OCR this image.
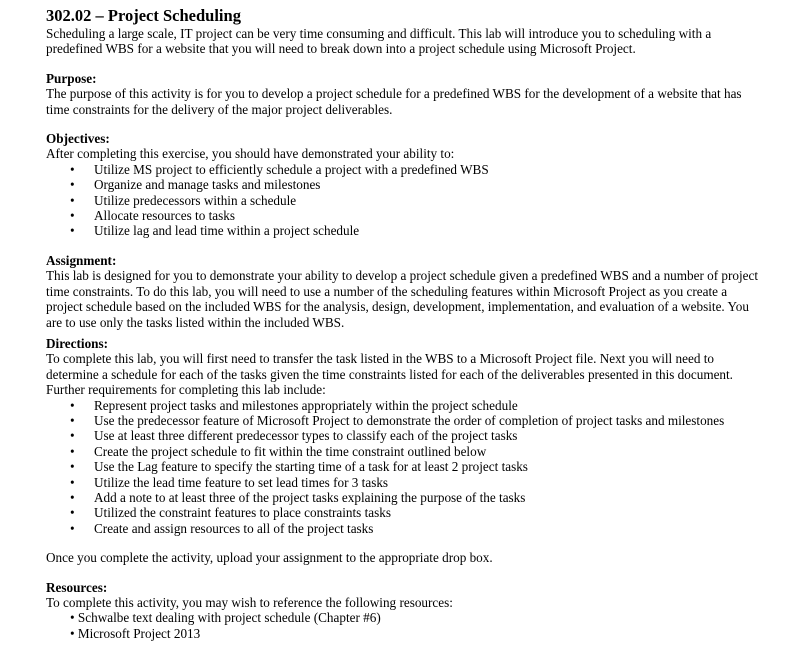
302.02 – Project Scheduling

Scheduling a large scale, IT project can be very time consuming and difficult. This lab will introduce you to scheduling with a predefined WBS for a website that you will need to break down into a project schedule using Microsoft Project.

Purpose:

The purpose of this activity is for you to develop a project schedule for a predefined WBS for the development of a website that has time constraints for the delivery of the major project deliverables.

Objectives:

After completing this exercise, you should have demonstrated your ability to:

• Utilize MS project to efficiently schedule a project with a predefined WBS
• Organize and manage tasks and milestones
• Utilize predecessors within a schedule
• Allocate resources to tasks
• Utilize lag and lead time within a project schedule
Assignment:

This lab is designed for you to demonstrate your ability to develop a project schedule given a predefined WBS and a number of project time constraints. To do this lab, you will need to use a number of the scheduling features within Microsoft Project as you create a project schedule based on the included WBS for the analysis, design, development, implementation, and evaluation of a website. You are to use only the tasks listed within the included WBS.

Directions:

To complete this lab, you will first need to transfer the task listed in the WBS to a Microsoft Project file. Next you will need to determine a schedule for each of the tasks given the time constraints listed for each of the deliverables presented in this document. Further requirements for completing this lab include:

• Represent project tasks and milestones appropriately within the project schedule
• Use the predecessor feature of Microsoft Project to demonstrate the order of completion of project tasks and milestones
• Use at least three different predecessor types to classify each of the project tasks
• Create the project schedule to fit within the time constraint outlined below
• Use the Lag feature to specify the starting time of a task for at least 2 project tasks
• Utilize the lead time feature to set lead times for 3 tasks
• Add a note to at least three of the project tasks explaining the purpose of the tasks
• Utilized the constraint features to place constraints tasks
• Create and assign resources to all of the project tasks

Once you complete the activity, upload your assignment to the appropriate drop box.

Resources:

To complete this activity, you may wish to reference the following resources:

• Schwalbe text dealing with project schedule (Chapter #6)
• Microsoft Project 2013
